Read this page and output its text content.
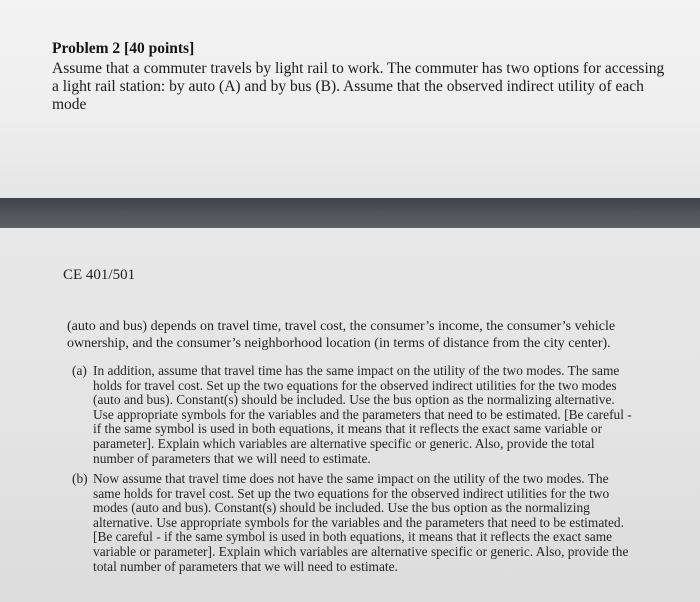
Problem 2 [40 points]
Assume that a commuter travels by light rail to work. The commuter has two options for accessing a light rail station: by auto (A) and by bus (B). Assume that the observed indirect utility of each mode
CE 401/501
(auto and bus) depends on travel time, travel cost, the consumer’s income, the consumer’s vehicle ownership, and the consumer’s neighborhood location (in terms of distance from the city center).
(a) In addition, assume that travel time has the same impact on the utility of the two modes. The same holds for travel cost. Set up the two equations for the observed indirect utilities for the two modes (auto and bus). Constant(s) should be included. Use the bus option as the normalizing alternative. Use appropriate symbols for the variables and the parameters that need to be estimated. [Be careful - if the same symbol is used in both equations, it means that it reflects the exact same variable or parameter]. Explain which variables are alternative specific or generic. Also, provide the total number of parameters that we will need to estimate.
(b) Now assume that travel time does not have the same impact on the utility of the two modes. The same holds for travel cost. Set up the two equations for the observed indirect utilities for the two modes (auto and bus). Constant(s) should be included. Use the bus option as the normalizing alternative. Use appropriate symbols for the variables and the parameters that need to be estimated. [Be careful - if the same symbol is used in both equations, it means that it reflects the exact same variable or parameter]. Explain which variables are alternative specific or generic. Also, provide the total number of parameters that we will need to estimate.
